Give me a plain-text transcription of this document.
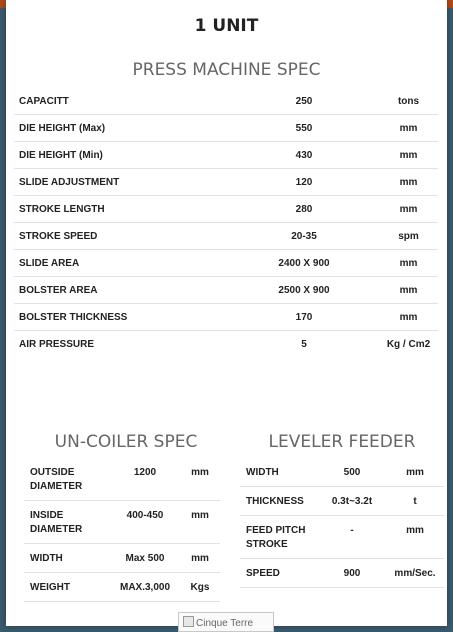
1 UNIT
PRESS MACHINE SPEC
CAPACITT	250	tons
DIE HEIGHT (Max)	550	mm
DIE HEIGHT (Min)	430	mm
SLIDE ADJUSTMENT	120	mm
STROKE LENGTH	280	mm
STROKE SPEED	20-35	spm
SLIDE AREA	2400 X 900	mm
BOLSTER AREA	2500 X 900	mm
BOLSTER THICKNESS	170	mm
AIR PRESSURE	5	Kg / Cm2
UN-COILER SPEC
OUTSIDE DIAMETER	1200	mm
INSIDE DIAMETER	400-450	mm
WIDTH	Max 500	mm
WEIGHT	MAX.3,000	Kgs
LEVELER FEEDER
WIDTH	500	mm
THICKNESS	0.3t~3.2t	t
FEED PITCH STROKE	-	mm
SPEED	900	mm/Sec.
Cinque Terre
